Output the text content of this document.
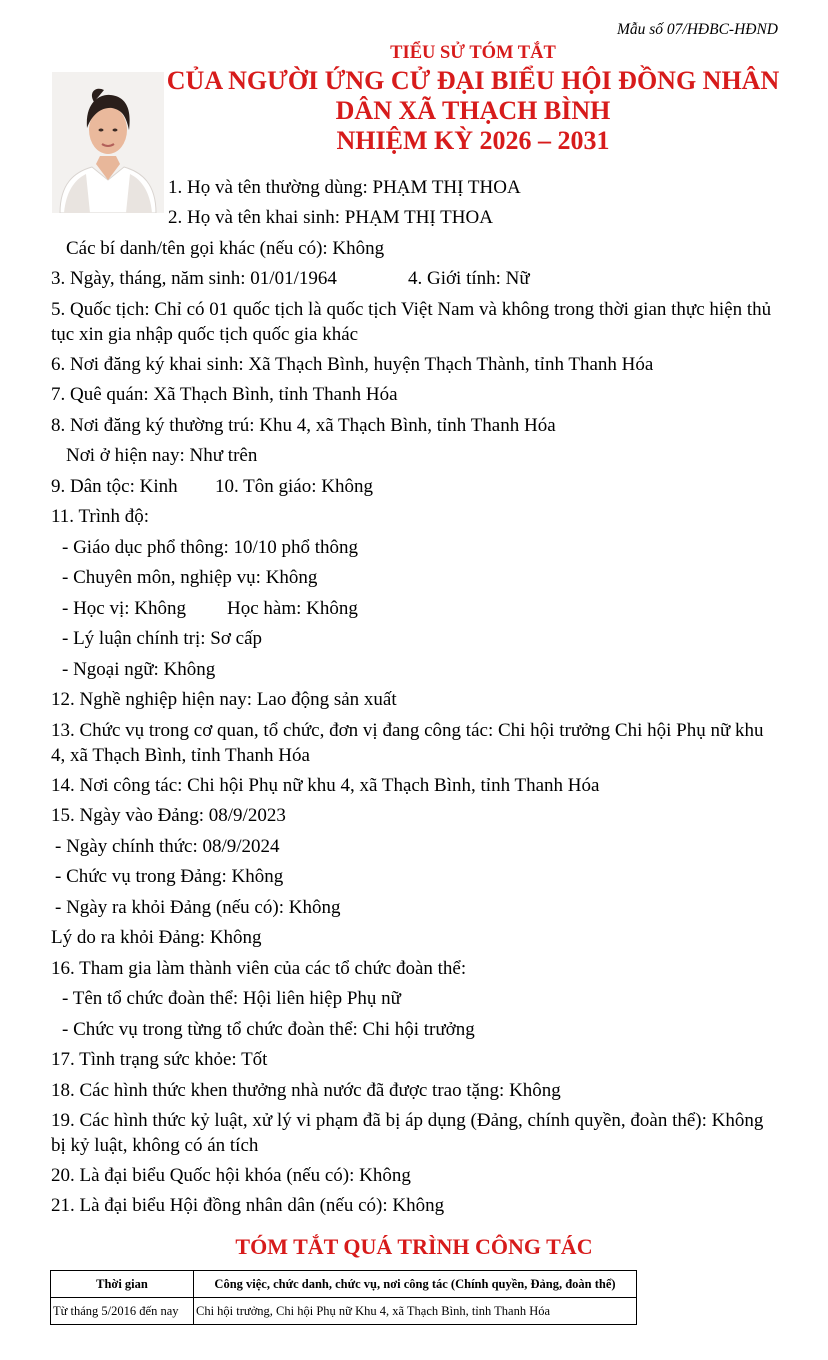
Mẫu số 07/HĐBC-HĐND
TIỂU SỬ TÓM TẮT
CỦA NGƯỜI ỨNG CỬ ĐẠI BIỂU HỘI ĐỒNG NHÂN
DÂN XÃ THẠCH BÌNH
NHIỆM KỲ 2026 – 2031
1. Họ và tên thường dùng: PHẠM THỊ THOA
2. Họ và tên khai sinh: PHẠM THỊ THOA
Các bí danh/tên gọi khác (nếu có): Không
3. Ngày, tháng, năm sinh: 01/01/1964	4. Giới tính: Nữ
5. Quốc tịch: Chỉ có 01 quốc tịch là quốc tịch Việt Nam và không trong thời gian thực hiện thủ tục xin gia nhập quốc tịch quốc gia khác
6. Nơi đăng ký khai sinh: Xã Thạch Bình, huyện Thạch Thành, tỉnh Thanh Hóa
7. Quê quán: Xã Thạch Bình, tỉnh Thanh Hóa
8. Nơi đăng ký thường trú: Khu 4, xã Thạch Bình, tỉnh Thanh Hóa
Nơi ở hiện nay: Như trên
9. Dân tộc: Kinh 10. Tôn giáo: Không
11. Trình độ:
- Giáo dục phổ thông: 10/10 phổ thông
- Chuyên môn, nghiệp vụ: Không
- Học vị: Không Học hàm: Không
- Lý luận chính trị: Sơ cấp
- Ngoại ngữ: Không
12. Nghề nghiệp hiện nay: Lao động sản xuất
13. Chức vụ trong cơ quan, tổ chức, đơn vị đang công tác: Chi hội trưởng Chi hội Phụ nữ khu 4, xã Thạch Bình, tỉnh Thanh Hóa
14. Nơi công tác: Chi hội Phụ nữ khu 4, xã Thạch Bình, tỉnh Thanh Hóa
15. Ngày vào Đảng: 08/9/2023
- Ngày chính thức: 08/9/2024
- Chức vụ trong Đảng: Không
- Ngày ra khỏi Đảng (nếu có): Không
Lý do ra khỏi Đảng: Không
16. Tham gia làm thành viên của các tổ chức đoàn thể:
- Tên tổ chức đoàn thể: Hội liên hiệp Phụ nữ
- Chức vụ trong từng tổ chức đoàn thể: Chi hội trưởng
17. Tình trạng sức khỏe: Tốt
18. Các hình thức khen thưởng nhà nước đã được trao tặng: Không
19. Các hình thức kỷ luật, xử lý vi phạm đã bị áp dụng (Đảng, chính quyền, đoàn thể): Không bị kỷ luật, không có án tích
20. Là đại biểu Quốc hội khóa (nếu có): Không
21. Là đại biểu Hội đồng nhân dân (nếu có): Không
TÓM TẮT QUÁ TRÌNH CÔNG TÁC
Thời gian	Công việc, chức danh, chức vụ, nơi công tác (Chính quyền, Đảng, đoàn thể)
Từ tháng 5/2016 đến nay	Chi hội trưởng, Chi hội Phụ nữ Khu 4, xã Thạch Bình, tỉnh Thanh Hóa
